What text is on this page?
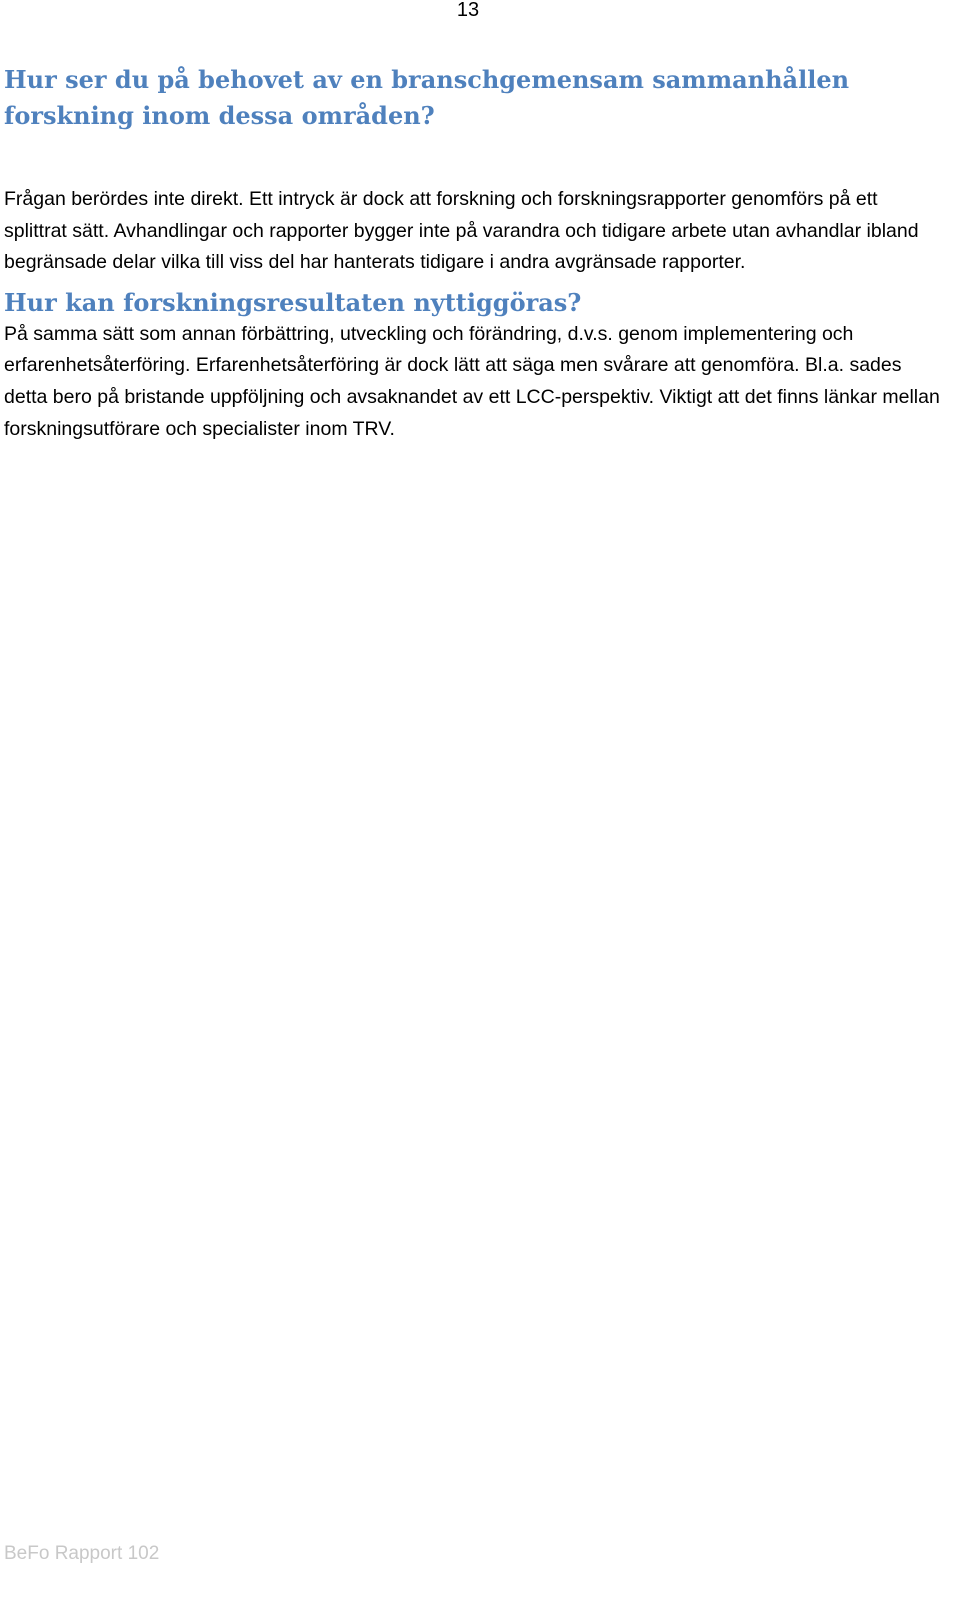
13
Hur ser du på behovet av en branschgemensam sammanhållen forskning inom dessa områden?

Frågan berördes inte direkt. Ett intryck är dock att forskning och forskningsrapporter genomförs på ett splittrat sätt. Avhandlingar och rapporter bygger inte på varandra och tidigare arbete utan avhandlar ibland begränsade delar vilka till viss del har hanterats tidigare i andra avgränsade rapporter.

Hur kan forskningsresultaten nyttiggöras?

På samma sätt som annan förbättring, utveckling och förändring, d.v.s. genom implementering och erfarenhetsåterföring. Erfarenhetsåterföring är dock lätt att säga men svårare att genomföra. Bl.a. sades detta bero på bristande uppföljning och avsaknandet av ett LCC-perspektiv. Viktigt att det finns länkar mellan forskningsutförare och specialister inom TRV.

BeFo Rapport 102
